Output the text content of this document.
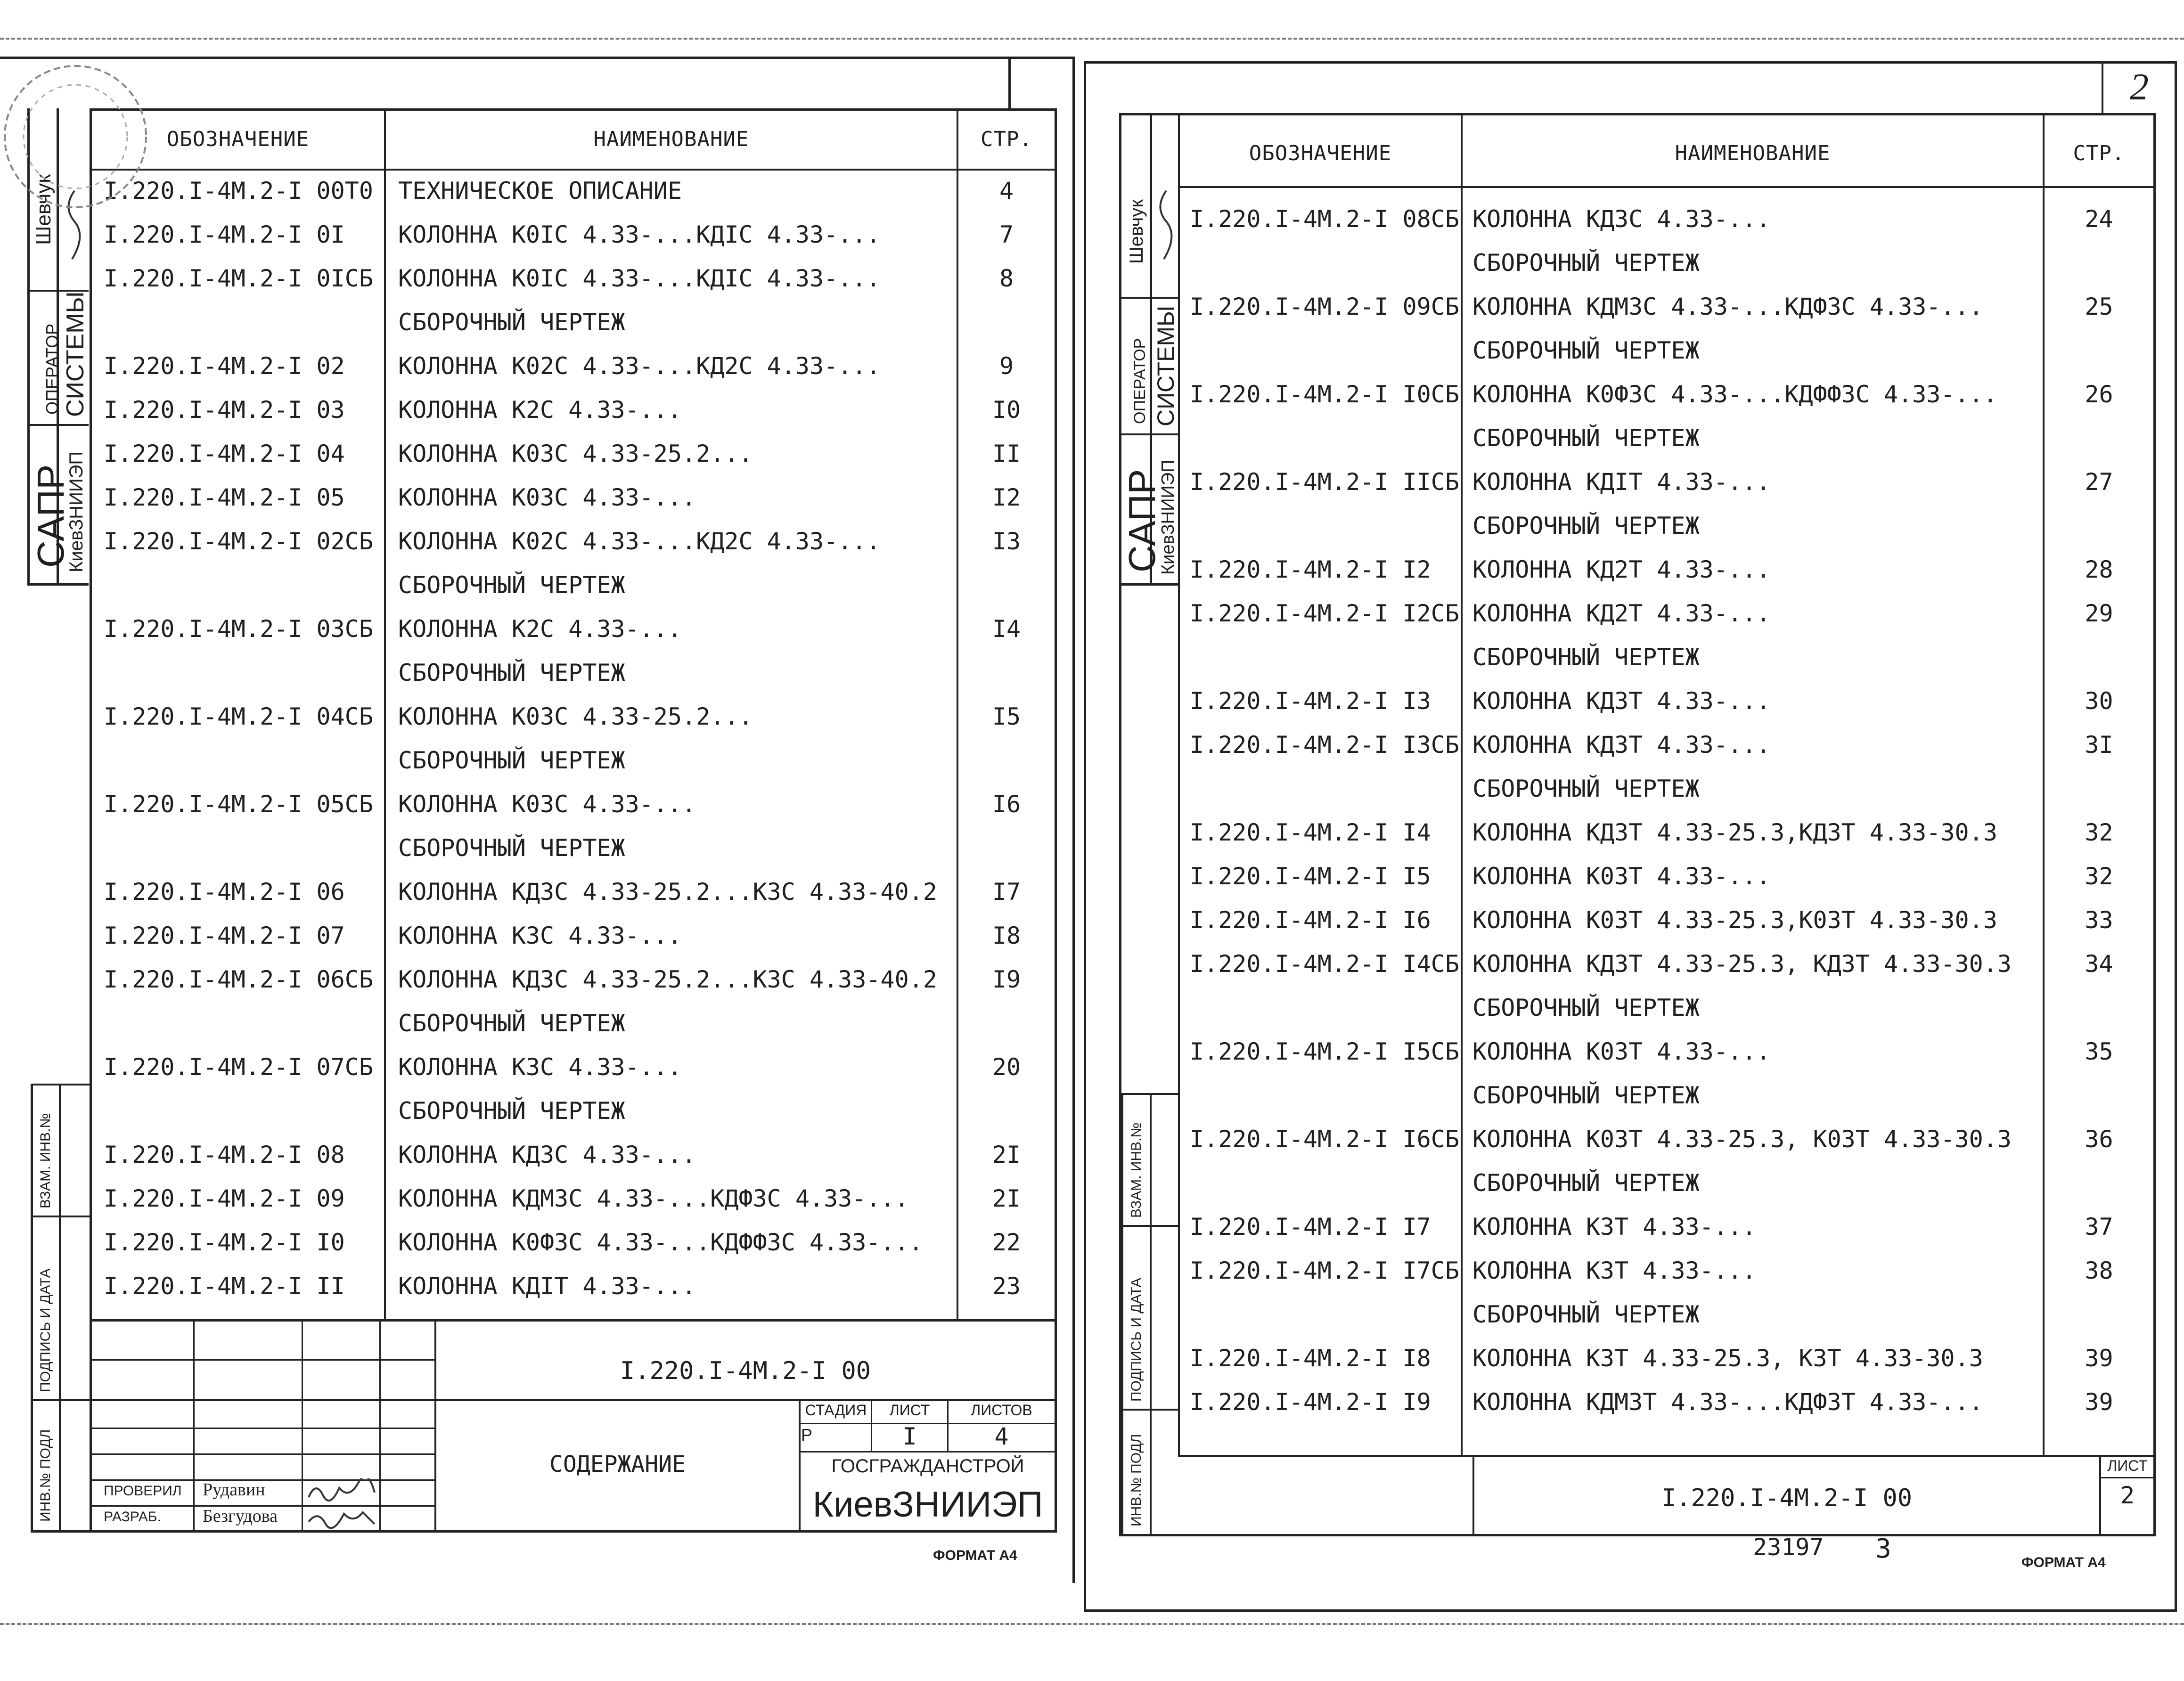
ОБОЗНАЧЕНИЕ	НАИМЕНОВАНИЕ	СТР.
I.220.I-4M.2-I 00T0	ТЕХНИЧЕСКОЕ ОПИСАНИЕ	4
I.220.I-4M.2-I 0I	КОЛОННА К0IС 4.33-...КДIС 4.33-...	7
I.220.I-4M.2-I 0IСБ	КОЛОННА К0IС 4.33-...КДIС 4.33-...	8
СБОРОЧНЫЙ ЧЕРТЕЖ
I.220.I-4M.2-I 02	КОЛОННА К02С 4.33-...КД2С 4.33-...	9
I.220.I-4M.2-I 03	КОЛОННА К2С 4.33-...	I0
I.220.I-4M.2-I 04	КОЛОННА К03С 4.33-25.2...	II
I.220.I-4M.2-I 05	КОЛОННА К03С 4.33-...	I2
I.220.I-4M.2-I 02СБ	КОЛОННА К02С 4.33-...КД2С 4.33-...	I3
СБОРОЧНЫЙ ЧЕРТЕЖ
I.220.I-4M.2-I 03СБ	КОЛОННА К2С 4.33-...	I4
СБОРОЧНЫЙ ЧЕРТЕЖ
I.220.I-4M.2-I 04СБ	КОЛОННА К03С 4.33-25.2...	I5
СБОРОЧНЫЙ ЧЕРТЕЖ
I.220.I-4M.2-I 05СБ	КОЛОННА К03С 4.33-...	I6
СБОРОЧНЫЙ ЧЕРТЕЖ
I.220.I-4M.2-I 06	КОЛОННА КД3С 4.33-25.2...К3С 4.33-40.2	I7
I.220.I-4M.2-I 07	КОЛОННА К3С 4.33-...	I8
I.220.I-4M.2-I 06СБ	КОЛОННА КД3С 4.33-25.2...К3С 4.33-40.2	I9
СБОРОЧНЫЙ ЧЕРТЕЖ
I.220.I-4M.2-I 07СБ	КОЛОННА К3С 4.33-...	20
СБОРОЧНЫЙ ЧЕРТЕЖ
I.220.I-4M.2-I 08	КОЛОННА КД3С 4.33-...	2I
I.220.I-4M.2-I 09	КОЛОННА КДМ3С 4.33-...КДФ3С 4.33-...	2I
I.220.I-4M.2-I I0	КОЛОННА К0Ф3С 4.33-...КДФФ3С 4.33-...	22
I.220.I-4M.2-I II	КОЛОННА КДIТ 4.33-...	23
Шевчук
ОПЕРАТОР СИСТЕМЫ
САПР
КиевЗНИИЭП
ВЗАМ. ИНВ.№
ПОДПИСЬ И ДАТА
ИНВ.№ ПОДЛ
I.220.I-4M.2-I 00
СОДЕРЖАНИЕ
СТАДИЯ	ЛИСТ	ЛИСТОВ
Р	I	4
ГОСГРАЖДАНСТРОЙ
КиевЗНИИЭП
ПРОВЕРИЛ Рудавин
РАЗРАБ. Безгудова
ФОРМАТ А4
2
ОБОЗНАЧЕНИЕ	НАИМЕНОВАНИЕ	СТР.
I.220.I-4M.2-I 08СБ КОЛОННА КД3С 4.33-...	24
СБОРОЧНЫЙ ЧЕРТЕЖ
I.220.I-4M.2-I 09СБ КОЛОННА КДМ3С 4.33-...КДФ3С 4.33-...	25
СБОРОЧНЫЙ ЧЕРТЕЖ
I.220.I-4M.2-I I0СБ КОЛОННА К0Ф3С 4.33-...КДФФ3С 4.33-...	26
СБОРОЧНЫЙ ЧЕРТЕЖ
I.220.I-4M.2-I IIСБ КОЛОННА КДIТ 4.33-...	27
СБОРОЧНЫЙ ЧЕРТЕЖ
I.220.I-4M.2-I I2	КОЛОННА КД2Т 4.33-...	28
I.220.I-4M.2-I I2СБ КОЛОННА КД2Т 4.33-...	29
СБОРОЧНЫЙ ЧЕРТЕЖ
I.220.I-4M.2-I I3	КОЛОННА КД3Т 4.33-...	30
I.220.I-4M.2-I I3СБ КОЛОННА КД3Т 4.33-...	3I
СБОРОЧНЫЙ ЧЕРТЕЖ
I.220.I-4M.2-I I4	КОЛОННА КД3Т 4.33-25.3,КД3Т 4.33-30.3	32
I.220.I-4M.2-I I5	КОЛОННА К03Т 4.33-...	32
I.220.I-4M.2-I I6	КОЛОННА К03Т 4.33-25.3,К03Т 4.33-30.3	33
I.220.I-4M.2-I I4СБ КОЛОННА КД3Т 4.33-25.3, КД3Т 4.33-30.3	34
СБОРОЧНЫЙ ЧЕРТЕЖ
I.220.I-4M.2-I I5СБ КОЛОННА К03Т 4.33-...	35
СБОРОЧНЫЙ ЧЕРТЕЖ
I.220.I-4M.2-I I6СБ КОЛОННА К03Т 4.33-25.3, К03Т 4.33-30.3	36
СБОРОЧНЫЙ ЧЕРТЕЖ
I.220.I-4M.2-I I7	КОЛОННА К3Т 4.33-...	37
I.220.I-4M.2-I I7СБ КОЛОННА К3Т 4.33-...	38
СБОРОЧНЫЙ ЧЕРТЕЖ
I.220.I-4M.2-I I8	КОЛОННА К3Т 4.33-25.3, К3Т 4.33-30.3	39
I.220.I-4M.2-I I9	КОЛОННА КДМ3Т 4.33-...КДФ3Т 4.33-...	39
Шевчук
ОПЕРАТОР СИСТЕМЫ
САПР
КиевЗНИИЭП
ВЗАМ. ИНВ.№
ПОДПИСЬ И ДАТА
ИНВ.№ ПОДЛ	ЛИСТ
2
I.220.I-4M.2-I 00
23197 3	ФОРМАТ А4
